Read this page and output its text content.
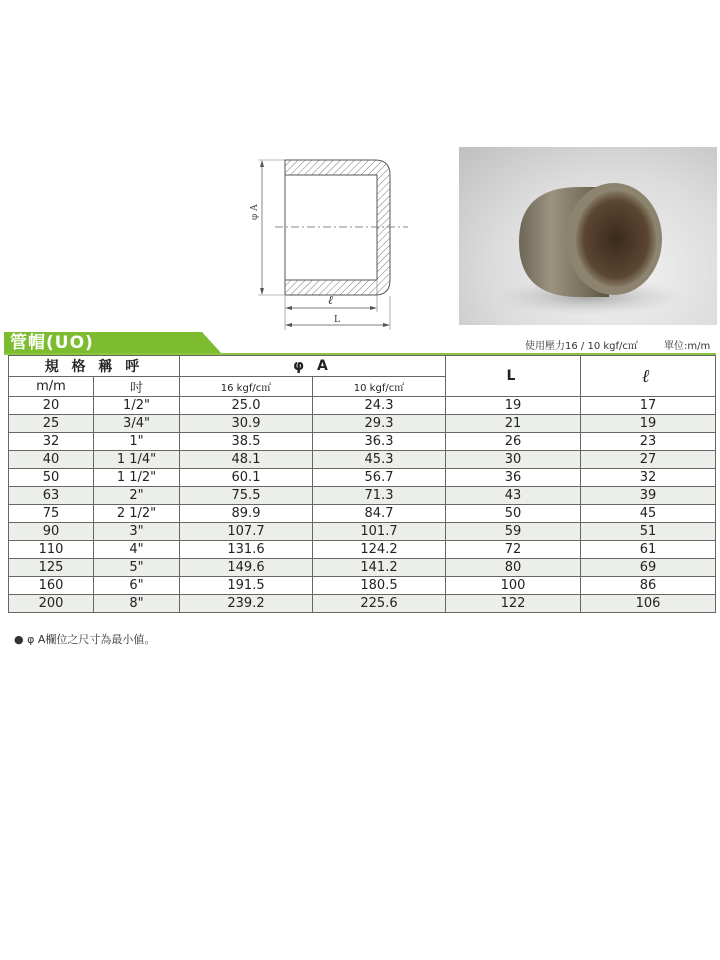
φ A
ℓ
L
管帽(UO)	使用壓力16 / 10 kgf/c㎡	單位:m/m
規 格 稱 呼		φ A		L	ℓ
m/m	吋	16 kgf/c㎡	10 kgf/c㎡		
20	1/2"	25.0	24.3	19	17
25	3/4"	30.9	29.3	21	19
32	1"	38.5	36.3	26	23
40	1 1/4"	48.1	45.3	30	27
50	1 1/2"	60.1	56.7	36	32
63	2"	75.5	71.3	43	39
75	2 1/2"	89.9	84.7	50	45
90	3"	107.7	101.7	59	51
110	4"	131.6	124.2	72	61
125	5"	149.6	141.2	80	69
160	6"	191.5	180.5	100	86
200	8"	239.2	225.6	122	106
● φ A欄位之尺寸為最小値。
